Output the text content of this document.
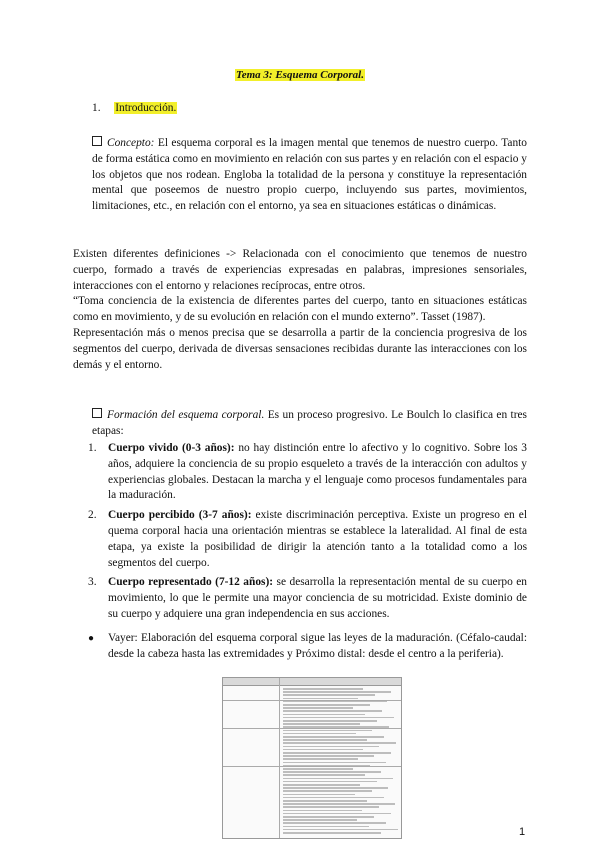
Tema 3: Esquema Corporal.
1. Introducción.
Concepto: El esquema corporal es la imagen mental que tenemos de nuestro cuerpo. Tanto de forma estática como en movimiento en relación con sus partes y en relación con el espacio y los objetos que nos rodean. Engloba la totalidad de la persona y constituye la representación mental que poseemos de nuestro propio cuerpo, incluyendo sus partes, movimientos, limitaciones, etc., en relación con el entorno, ya sea en situaciones estáticas o dinámicas.
Existen diferentes definiciones -> Relacionada con el conocimiento que tenemos de nuestro cuerpo, formado a través de experiencias expresadas en palabras, impresiones sensoriales, interacciones con el entorno y relaciones recíprocas, entre otros.
“Toma conciencia de la existencia de diferentes partes del cuerpo, tanto en situaciones estáticas como en movimiento, y de su evolución en relación con el mundo externo”. Tasset (1987).
Representación más o menos precisa que se desarrolla a partir de la conciencia progresiva de los segmentos del cuerpo, derivada de diversas sensaciones recibidas durante las interacciones con los demás y el entorno.
Formación del esquema corporal. Es un proceso progresivo. Le Boulch lo clasifica en tres etapas:
1. Cuerpo vivido (0-3 años): no hay distinción entre lo afectivo y lo cognitivo. Sobre los 3 años, adquiere la conciencia de su propio esqueleto a través de la interacción con adultos y experiencias globales. Destacan la marcha y el lenguaje como procesos fundamentales para la maduración.
2. Cuerpo percibido (3-7 años): existe discriminación perceptiva. Existe un progreso en el quema corporal hacia una orientación mientras se establece la lateralidad. Al final de esta etapa, ya existe la posibilidad de dirigir la atención tanto a la totalidad como a los segmentos del cuerpo.
3. Cuerpo representado (7-12 años): se desarrolla la representación mental de su cuerpo en movimiento, lo que le permite una mayor conciencia de su motricidad. Existe dominio de su cuerpo y adquiere una gran independencia en sus acciones.
●	Vayer: Elaboración del esquema corporal sigue las leyes de la maduración. (Céfalo-caudal: desde la cabeza hasta las extremidades y Próximo distal: desde el centro a la periferia).
1
